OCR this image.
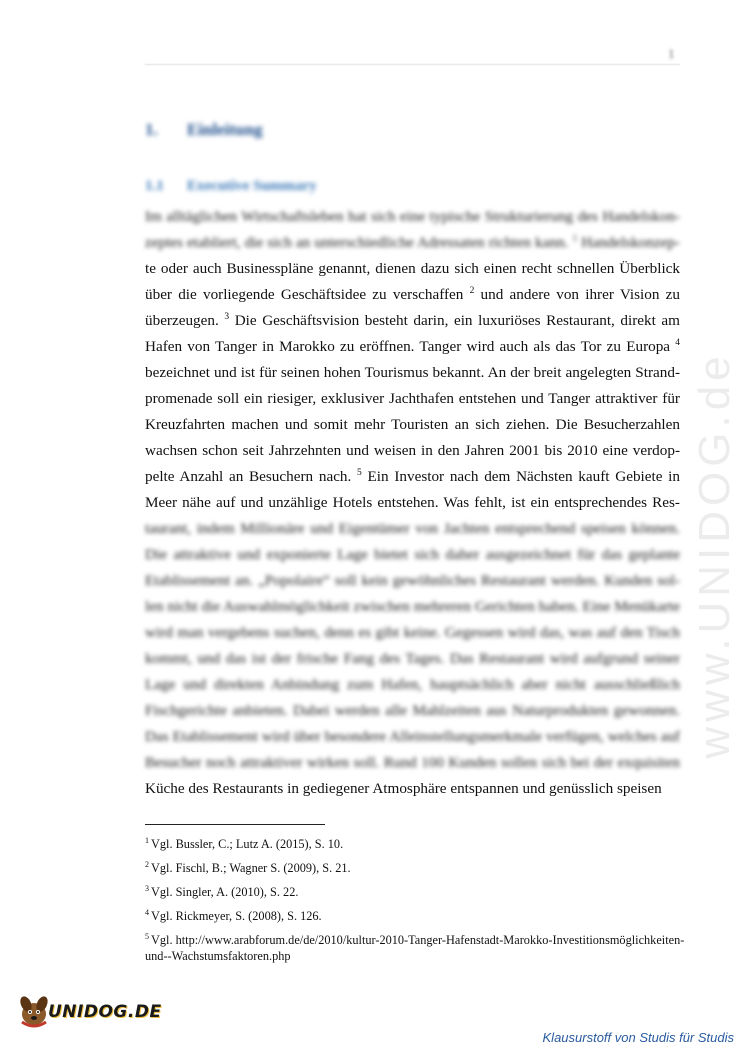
1
1. Einleitung
1.1 Executive Summary
Im alltäglichen Wirtschaftsleben hat sich eine typische Strukturierung des Handelskon-
zeptes etabliert, die sich an unterschiedliche Adressaten richten kann. $^1$ Handelskonzep-
te oder auch Businesspläne genannt, dienen dazu sich einen recht schnellen Überblick
über die vorliegende Geschäftsidee zu verschaffen $^2$ und andere von ihrer Vision zu
überzeugen. $^3$ Die Geschäftsvision besteht darin, ein luxuriöses Restaurant, direkt am
Hafen von Tanger in Marokko zu eröffnen. Tanger wird auch als das Tor zu Europa $^4$
bezeichnet und ist für seinen hohen Tourismus bekannt. An der breit angelegten Strand-
promenade soll ein riesiger, exklusiver Jachthafen entstehen und Tanger attraktiver für
Kreuzfahrten machen und somit mehr Touristen an sich ziehen. Die Besucherzahlen
wachsen schon seit Jahrzehnten und weisen in den Jahren 2001 bis 2010 eine verdop-
pelte Anzahl an Besuchern nach. $^5$ Ein Investor nach dem Nächsten kauft Gebiete in
Meer nähe auf und unzählige Hotels entstehen. Was fehlt, ist ein entsprechendes Res-
taurant, indem Millionäre und Eigentümer von Jachten entsprechend speisen können.
Die attraktive und exponierte Lage bietet sich daher ausgezeichnet für das geplante
Etablissement an. „Popolaire“ soll kein gewöhnliches Restaurant werden. Kunden sol-
len nicht die Auswahlmöglichkeit zwischen mehreren Gerichten haben. Eine Menükarte
wird man vergebens suchen, denn es gibt keine. Gegessen wird das, was auf den Tisch
kommt, und das ist der frische Fang des Tages. Das Restaurant wird aufgrund seiner
Lage und direkten Anbindung zum Hafen, hauptsächlich aber nicht ausschließlich
Fischgerichte anbieten. Dabei werden alle Mahlzeiten aus Naturprodukten gewonnen.
Das Etablissement wird über besondere Alleinstellungsmerkmale verfügen, welches auf
Besucher noch attraktiver wirken soll. Rund 100 Kunden sollen sich bei der exquisiten
Küche des Restaurants in gediegener Atmosphäre entspannen und genüsslich speisen
$^1$ Vgl. Bussler, C.; Lutz A. (2015), S. 10.
$^2$ Vgl. Fischl, B.; Wagner S. (2009), S. 21.
$^3$ Vgl. Singler, A. (2010), S. 22.
$^4$ Vgl. Rickmeyer, S. (2008), S. 126.
$^5$ Vgl. http://www.arabforum.de/de/2010/kultur-2010-Tanger-Hafenstadt-Marokko-Investitionsmöglichkeiten-und--Wachstumsfaktoren.php
www.UNIDOG.de
UNIDOG.DE
Klausurstoff von Studis für Studis
